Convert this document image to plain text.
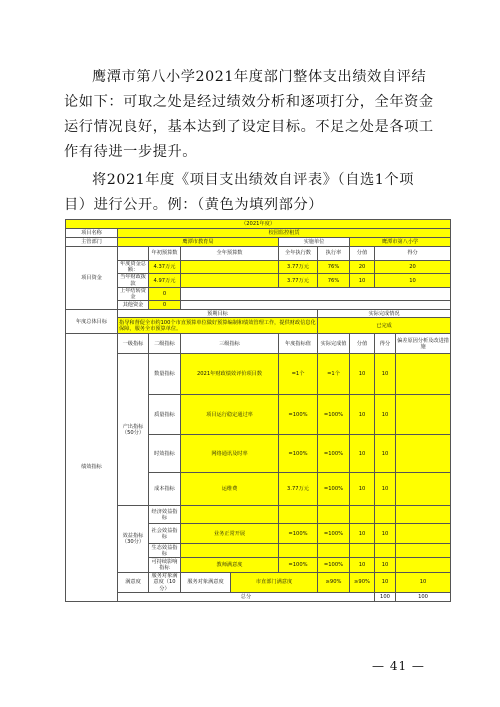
鹰潭市第八小学2021年度部门整体支出绩效自评结论如下：可取之处是经过绩效分析和逐项打分，全年资金运行情况良好，基本达到了设定目标。不足之处是各项工作有待进一步提升。
将2021年度《项目支出绩效自评表》（自选1个项目）进行公开。例：（黄色为填列部分）
（2021年度）										
项目名称	校园监控租赁									
主管部门	鹰潭市教育局				实施单位		鹰潭市第八小学			
项目资金		年初预算数	全年预算数		全年执行数	执行率	分值	得分		
	年度资金总额：	4.37万元			3.77万元	76%	20	20		
	当年财政拨款	4.97万元			3.77万元	76%	10	10		
	上年结转资金	0								
	其他资金	0								
年度总体目标	预期目标					实际完成情况				
	指导和督促全市约100个市直预算单位做好预算编制和绩效管理工作，提供财政信息化保障，服务全市预算单位。					已完成				
绩效指标	一级指标	二级指标	三级指标		年度指标值	实际完成值	分值	得分	偏差原因分析及改进措施	
	产出指标（50分）	数量指标	2021年财政绩效评价项目数		=1个	=1个	10	10		
		质量指标	项目运行稳定通过率		=100%	=100%	10	10		
		时效指标	网络通讯及时率		=100%	=100%	10	10		
		成本指标	运维费		3.77万元	=100%	10	10		
	效益指标（30分）	经济效益指标								
		社会效益指标	业务正常开展		=100%	=100%	10	10		
		生态效益指标								
		可持续影响指标	教师满意度		=100%	=100%	10	10		
	满意度	服务对象满意度（10分）	服务对象满意度	市直部门满意度		≥90%	≥90%	10	10	
	总分							100	100	
— 41 —
